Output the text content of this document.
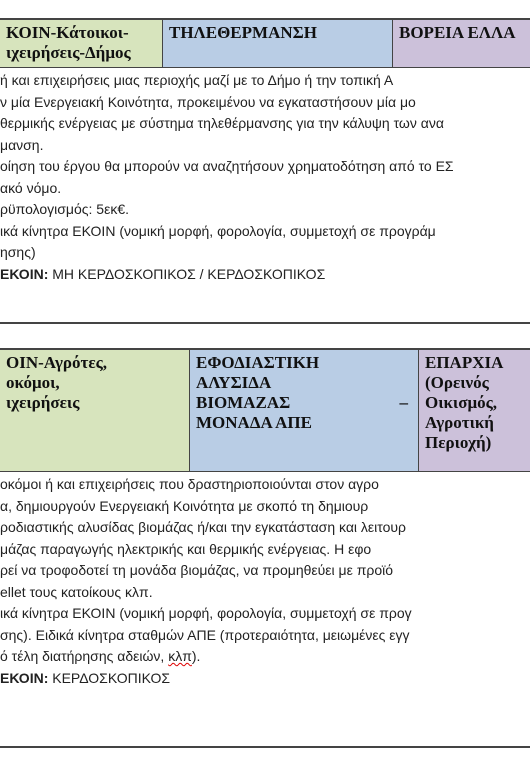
ΚΟΙΝ-Κάτοικοι-
ιχειρήσεις-Δήμος
ΤΗΛΕΘΕΡΜΑΝΣΗ	ΒΟΡΕΙΑ ΕΛΛΑ
ή και επιχειρήσεις μιας περιοχής μαζί με το Δήμο ή την τοπική Α
ν μία Ενεργειακή Κοινότητα, προκειμένου να εγκαταστήσουν μία μο
θερμικής ενέργειας με σύστημα τηλεθέρμανσης για την κάλυψη των ανα
μανση.
οίηση του έργου θα μπορούν να αναζητήσουν χρηματοδότηση από το ΕΣ
ακό νόμο.
ρϋπολογισμός: 5εκ€.
ικά κίνητρα ΕΚΟΙΝ (νομική μορφή, φορολογία, συμμετοχή σε προγράμ
ησης)
ΕΚΟΙΝ: ΜΗ ΚΕΡΔΟΣΚΟΠΙΚΟΣ / ΚΕΡΔΟΣΚΟΠΙΚΟΣ
ΟΙΝ-Αγρότες,
οκόμοι,
ιχειρήσεις
ΕΦΟΔΙΑΣΤΙΚΗ
ΑΛΥΣΙΔΑ
ΒΙΟΜΑΖΑΣ	–
ΜΟΝΑΔΑ ΑΠΕ
ΕΠΑΡΧΙΑ
(Ορεινός
Οικισμός,
Αγροτική
Περιοχή)
οκόμοι ή και επιχειρήσεις που δραστηριοποιούνται στον αγρο
α, δημιουργούν Ενεργειακή Κοινότητα με σκοπό τη δημιουρ
ροδιαστικής αλυσίδας βιομάζας ή/και την εγκατάσταση και λειτουρ
μάζας παραγωγής ηλεκτρικής και θερμικής ενέργειας. Η εφο
ρεί να τροφοδοτεί τη μονάδα βιομάζας, να προμηθεύει με προϊό
ellet τους κατοίκους κλπ.
ικά κίνητρα ΕΚΟΙΝ (νομική μορφή, φορολογία, συμμετοχή σε προγ
σης). Ειδικά κίνητρα σταθμών ΑΠΕ (προτεραιότητα, μειωμένες εγγ
ό τέλη διατήρησης αδειών, κλπ).
ΕΚΟΙΝ: ΚΕΡΔΟΣΚΟΠΙΚΟΣ
